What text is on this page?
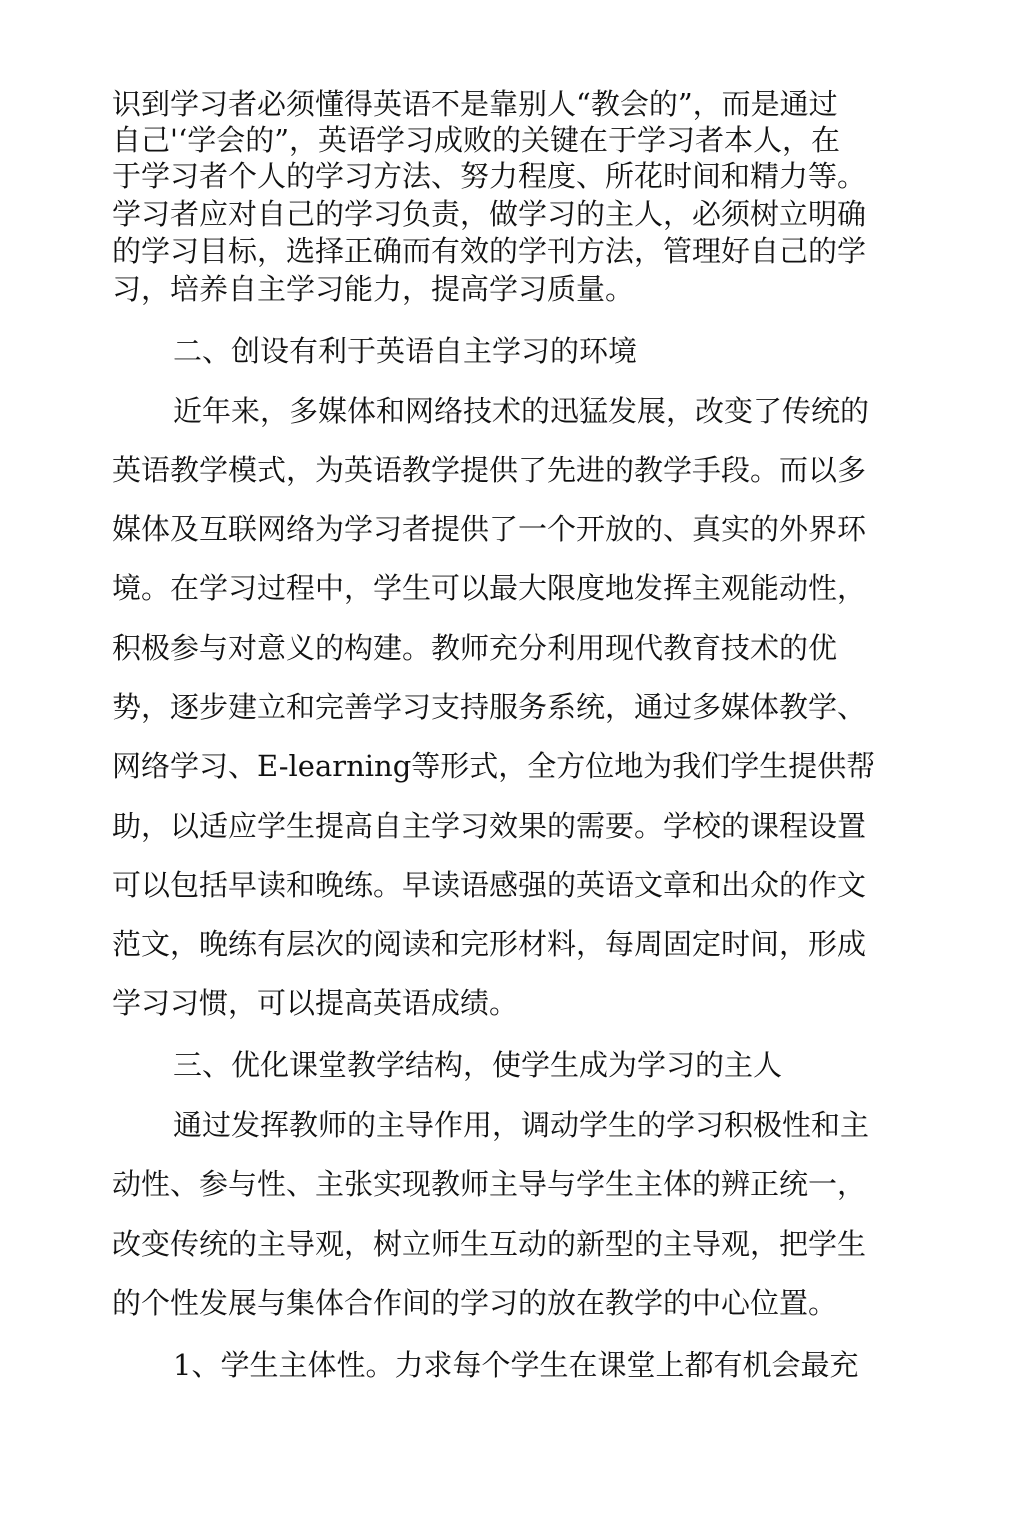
识到学习者必须懂得英语不是靠别人“教会的”，而是通过

自己'‘学会的”，英语学习成败的关键在于学习者本人，在

于学习者个人的学习方法、努力程度、所花时间和精力等。

学习者应对自己的学习负责，做学习的主人，必须树立明确

的学习目标，选择正确而有效的学刊方法，管理好自己的学

习，培养自主学习能力，提高学习质量。

二、创设有利于英语自主学习的环境

近年来，多媒体和网络技术的迅猛发展，改变了传统的

英语教学模式，为英语教学提供了先进的教学手段。而以多

媒体及互联网络为学习者提供了一个开放的、真实的外界环

境。在学习过程中，学生可以最大限度地发挥主观能动性，

积极参与对意义的构建。教师充分利用现代教育技术的优

势，逐步建立和完善学习支持服务系统，通过多媒体教学、

网络学习、E-learning等形式，全方位地为我们学生提供帮

助，以适应学生提高自主学习效果的需要。学校的课程设置

可以包括早读和晚练。早读语感强的英语文章和出众的作文

范文，晚练有层次的阅读和完形材料，每周固定时间，形成

学习习惯，可以提高英语成绩。

三、优化课堂教学结构，使学生成为学习的主人

通过发挥教师的主导作用，调动学生的学习积极性和主

动性、参与性、主张实现教师主导与学生主体的辨正统一，

改变传统的主导观，树立师生互动的新型的主导观，把学生

的个性发展与集体合作间的学习的放在教学的中心位置。

1、学生主体性。力求每个学生在课堂上都有机会最充
